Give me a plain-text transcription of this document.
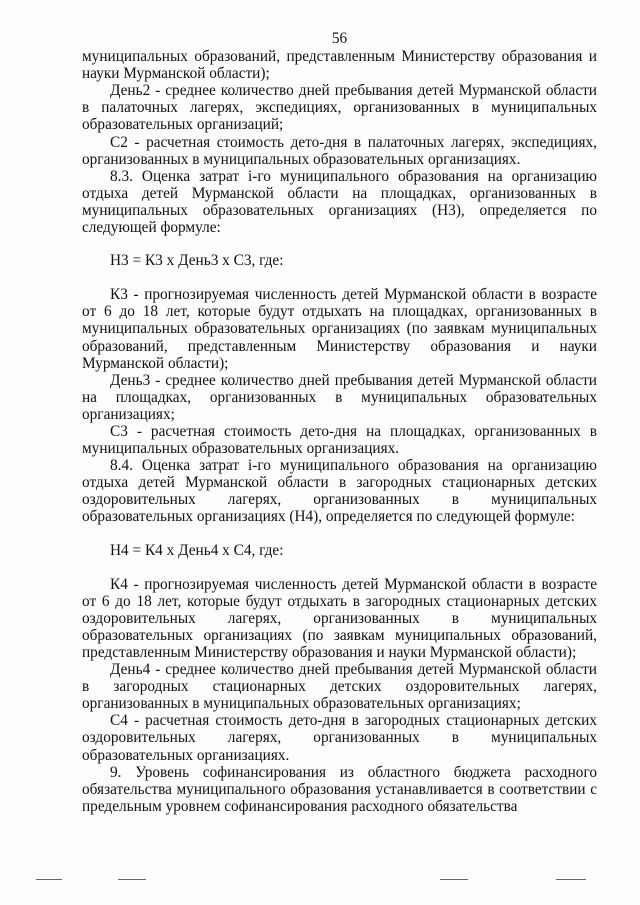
56

муниципальных образований, представленным Министерству образования и науки Мурманской области);

День2 - среднее количество дней пребывания детей Мурманской области в палаточных лагерях, экспедициях, организованных в муниципальных образовательных организаций;

С2 - расчетная стоимость дето-дня в палаточных лагерях, экспедициях, организованных в муниципальных образовательных организациях.

8.3. Оценка затрат i-го муниципального образования на организацию отдыха детей Мурманской области на площадках, организованных в муниципальных образовательных организациях (Н3), определяется по следующей формуле:

Н3 = К3 x День3 x С3, где:

К3 - прогнозируемая численность детей Мурманской области в возрасте от 6 до 18 лет, которые будут отдыхать на площадках, организованных в муниципальных образовательных организациях (по заявкам муниципальных образований, представленным Министерству образования и науки Мурманской области);

День3 - среднее количество дней пребывания детей Мурманской области на площадках, организованных в муниципальных образовательных организациях;

С3 - расчетная стоимость дето-дня на площадках, организованных в муниципальных образовательных организациях.

8.4. Оценка затрат i-го муниципального образования на организацию отдыха детей Мурманской области в загородных стационарных детских оздоровительных лагерях, организованных в муниципальных образовательных организациях (Н4), определяется по следующей формуле:

Н4 = К4 x День4 x С4, где:

К4 - прогнозируемая численность детей Мурманской области в возрасте от 6 до 18 лет, которые будут отдыхать в загородных стационарных детских оздоровительных лагерях, организованных в муниципальных образовательных организациях (по заявкам муниципальных образований, представленным Министерству образования и науки Мурманской области);

День4 - среднее количество дней пребывания детей Мурманской области в загородных стационарных детских оздоровительных лагерях, организованных в муниципальных образовательных организациях;

С4 - расчетная стоимость дето-дня в загородных стационарных детских оздоровительных лагерях, организованных в муниципальных образовательных организациях.

9. Уровень софинансирования из областного бюджета расходного обязательства муниципального образования устанавливается в соответствии с предельным уровнем софинансирования расходного обязательства
